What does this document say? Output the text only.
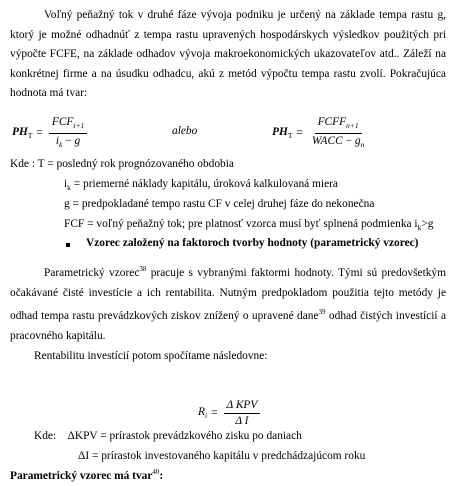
Voľný peňažný tok v druhé fáze vývoja podniku je určený na základe tempa rastu g, ktorý je možné odhadnúť z tempa rastu upravených hospodárskych výsledkov použitých pri výpočte FCFE, na základe odhadov vývoja makroekonomických ukazovateľov atd.. Záleží na konkrétnej firme a na úsudku odhadcu, akú z metód výpočtu tempa rastu zvolí. Pokračujúca hodnota má tvar:

$PH_T = \frac{FCF_{t+1}}{i_k - g}$	alebo	$PH_T = \frac{FCFF_{n+1}}{WACC - g_n}$
Kde : T = posledný rok prognózovaného obdobia
$i_k$ = priemerné náklady kapitálu, úroková kalkulovaná miera
g = predpokladané tempo rastu CF v celej druhej fáze do nekonečna
FCF = voľný peňažný tok; pre platnosť vzorca musí byť splnená podmienka $i_k>g$
Vzorec založený na faktoroch tvorby hodnoty (parametrický vzorec)

Parametrický vzorec$^{38}$ pracuje s vybranými faktormi hodnoty. Tými sú predovšetkým očakávané čisté investície a ich rentabilita. Nutným predpokladom použitia tejto metódy je odhad tempa rastu prevádzkových ziskov znížený o upravené dane$^{39}$ odhad čistých investícií a pracovného kapitálu.

Rentabilitu investícií potom spočítame následovne:
$R_i = \frac{\text{Δ KPV}}{\text{Δ I}}$
Kde:    ΔKPV = prírastok prevádzkového zisku po daniach
ΔI = prírastok investovaného kapitálu v predchádzajúcom roku
Parametrický vzorec má tvar$^{40}$:
